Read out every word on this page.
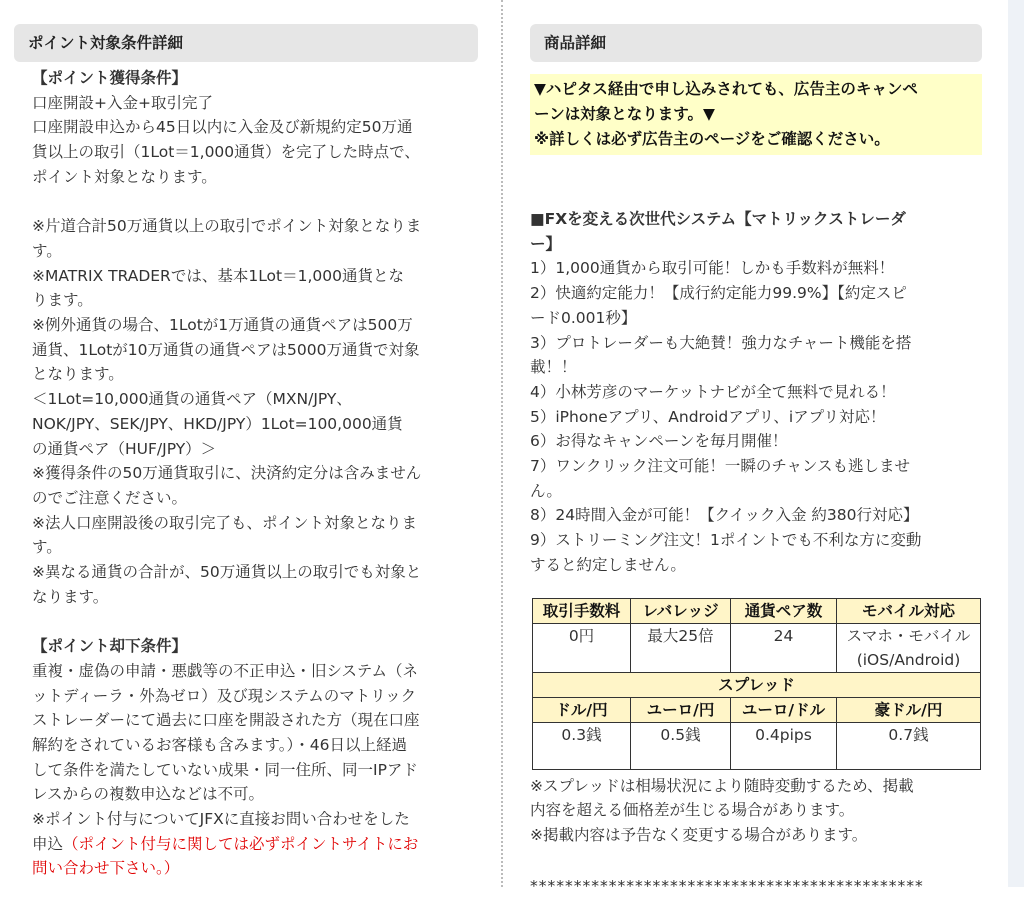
ポイント対象条件詳細
【ポイント獲得条件】
口座開設+入金+取引完了
口座開設申込から45日以内に入金及び新規約定50万通
貨以上の取引（1Lot＝1,000通貨）を完了した時点で、
ポイント対象となります。
※片道合計50万通貨以上の取引でポイント対象となりま
す。
※MATRIX TRADERでは、基本1Lot＝1,000通貨とな
ります。
※例外通貨の場合、1Lotが1万通貨の通貨ペアは500万
通貨、1Lotが10万通貨の通貨ペアは5000万通貨で対象
となります。
＜1Lot=10,000通貨の通貨ペア（MXN/JPY、
NOK/JPY、SEK/JPY、HKD/JPY）1Lot=100,000通貨
の通貨ペア（HUF/JPY）＞
※獲得条件の50万通貨取引に、決済約定分は含みません
のでご注意ください。
※法人口座開設後の取引完了も、ポイント対象となりま
す。
※異なる通貨の合計が、50万通貨以上の取引でも対象と
なります。
【ポイント却下条件】
重複・虚偽の申請・悪戯等の不正申込・旧システム（ネ
ットディーラ・外為ゼロ）及び現システムのマトリック
ストレーダーにて過去に口座を開設された方（現在口座
解約をされているお客様も含みます。）・46日以上経過
して条件を満たしていない成果・同一住所、同一IPアド
レスからの複数申込などは不可。
※ポイント付与についてJFXに直接お問い合わせをした
申込（ポイント付与に関しては必ずポイントサイトにお
問い合わせ下さい。）
商品詳細
▼ハピタス経由で申し込みされても、広告主のキャンペ
ーンは対象となります。▼
※詳しくは必ず広告主のページをご確認ください。
■FXを変える次世代システム【マトリックストレーダ
ー】
1）1,000通貨から取引可能！しかも手数料が無料！
2）快適約定能力！【成行約定能力99.9%】【約定スピ
ード0.001秒】
3）プロトレーダーも大絶賛！強力なチャート機能を搭
載！！
4）小林芳彦のマーケットナビが全て無料で見れる！
5）iPhoneアプリ、Androidアプリ、iアプリ対応！
6）お得なキャンペーンを毎月開催！
7）ワンクリック注文可能！一瞬のチャンスも逃しませ
ん。
8）24時間入金が可能！【クイック入金 約380行対応】
9）ストリーミング注文！1ポイントでも不利な方に変動
すると約定しません。
取引手数料	レバレッジ	通貨ペア数	モバイル対応
0円	最大25倍	24	スマホ・モバイル
(iOS/Android)

スプレッド			
ドル/円	ユーロ/円	ユーロ/ドル	豪ドル/円
0.3銭	0.5銭	0.4pips	0.7銭
※スプレッドは相場状況により随時変動するため、掲載
内容を超える価格差が生じる場合があります。
※掲載内容は予告なく変更する場合があります。
*********************************************
